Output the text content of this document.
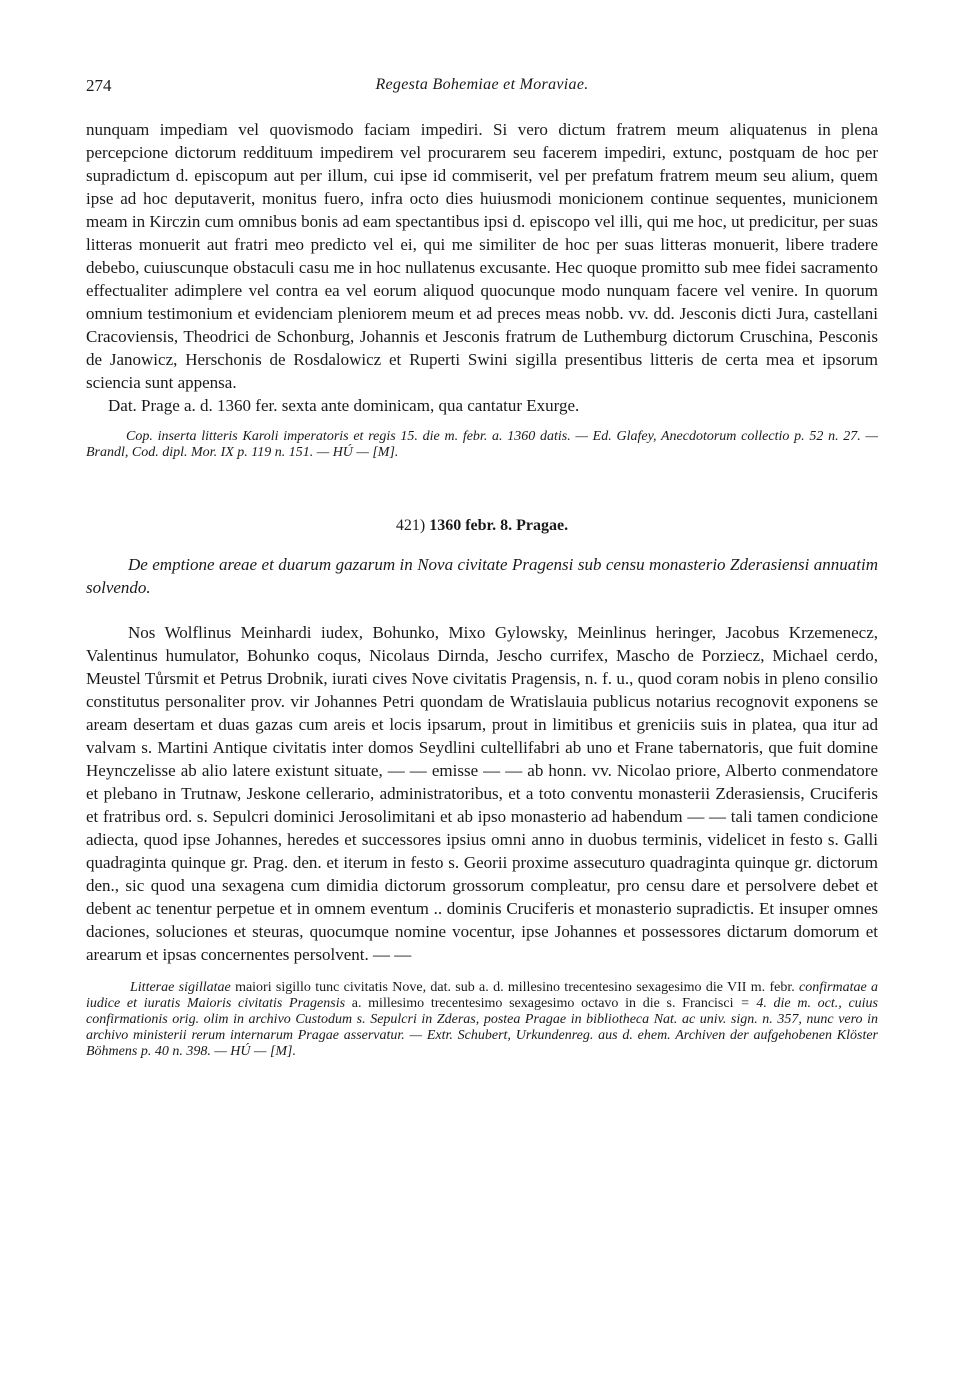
274	Regesta Bohemiae et Moraviae.

nunquam impediam vel quovismodo faciam impediri. Si vero dictum fratrem meum aliquatenus in plena percepcione dictorum reddituum impedirem vel procurarem seu facerem impediri, extunc, postquam de hoc per supradictum d. episcopum aut per illum, cui ipse id commiserit, vel per prefatum fratrem meum seu alium, quem ipse ad hoc deputaverit, monitus fuero, infra octo dies huiusmodi monicionem continue sequentes, municionem meam in Kirczin cum omnibus bonis ad eam spectantibus ipsi d. episcopo vel illi, qui me hoc, ut predicitur, per suas litteras monuerit aut fratri meo predicto vel ei, qui me similiter de hoc per suas litteras monuerit, libere tradere debebo, cuiuscunque obstaculi casu me in hoc nullatenus excusante. Hec quoque promitto sub mee fidei sacramento effectualiter adimplere vel contra ea vel eorum aliquod quocunque modo nunquam facere vel venire. In quorum omnium testimonium et evidenciam pleniorem meum et ad preces meas nobb. vv. dd. Jesconis dicti Jura, castellani Cracoviensis, Theodrici de Schonburg, Johannis et Jesconis fratrum de Luthemburg dictorum Cruschina, Pesconis de Janowicz, Herschonis de Rosdalowicz et Ruperti Swini sigilla presentibus litteris de certa mea et ipsorum sciencia sunt appensa.

Dat. Prage a. d. 1360 fer. sexta ante dominicam, qua cantatur Exurge.

Cop. inserta litteris Karoli imperatoris et regis 15. die m. febr. a. 1360 datis. — Ed. Glafey, Anecdotorum collectio p. 52 n. 27. — Brandl, Cod. dipl. Mor. IX p. 119 n. 151. — HÚ — [M].

421) 1360 febr. 8. Pragae.

De emptione areae et duarum gazarum in Nova civitate Pragensi sub censu monasterio Zderasiensi annuatim solvendo.

Nos Wolflinus Meinhardi iudex, Bohunko, Mixo Gylowsky, Meinlinus heringer, Jacobus Krzemenecz, Valentinus humulator, Bohunko coqus, Nicolaus Dirnda, Jescho currifex, Mascho de Porziecz, Michael cerdo, Meustel Tůrsmit et Petrus Drobnik, iurati cives Nove civitatis Pragensis, n. f. u., quod coram nobis in pleno consilio constitutus personaliter prov. vir Johannes Petri quondam de Wratislauia publicus notarius recognovit exponens se aream desertam et duas gazas cum areis et locis ipsarum, prout in limitibus et greniciis suis in platea, qua itur ad valvam s. Martini Antique civitatis inter domos Seydlini cultellifabri ab uno et Frane tabernatoris, que fuit domine Heynczelisse ab alio latere existunt situate, — — emisse — — ab honn. vv. Nicolao priore, Alberto conmendatore et plebano in Trutnaw, Jeskone cellerario, administratoribus, et a toto conventu monasterii Zderasiensis, Cruciferis et fratribus ord. s. Sepulcri dominici Jerosolimitani et ab ipso monasterio ad habendum — — tali tamen condicione adiecta, quod ipse Johannes, heredes et successores ipsius omni anno in duobus terminis, videlicet in festo s. Galli quadraginta quinque gr. Prag. den. et iterum in festo s. Georii proxime assecuturo quadraginta quinque gr. dictorum den., sic quod una sexagena cum dimidia dictorum grossorum compleatur, pro censu dare et persolvere debet et debent ac tenentur perpetue et in omnem eventum .. dominis Cruciferis et monasterio supradictis. Et insuper omnes daciones, soluciones et steuras, quocumque nomine vocentur, ipse Johannes et possessores dictarum domorum et arearum et ipsas concernentes persolvent. — —

Litterae sigillatae maiori sigillo tunc civitatis Nove, dat. sub a. d. millesino trecentesino sexagesimo die VII m. febr. confirmatae a iudice et iuratis Maioris civitatis Pragensis a. millesimo trecentesimo sexagesimo octavo in die s. Francisci = 4. die m. oct., cuius confirmationis orig. olim in archivo Custodum s. Sepulcri in Zderas, postea Pragae in bibliotheca Nat. ac univ. sign. n. 357, nunc vero in archivo ministerii rerum internarum Pragae asservatur. — Extr. Schubert, Urkundenreg. aus d. ehem. Archiven der aufgehobenen Klöster Böhmens p. 40 n. 398. — HÚ — [M].
